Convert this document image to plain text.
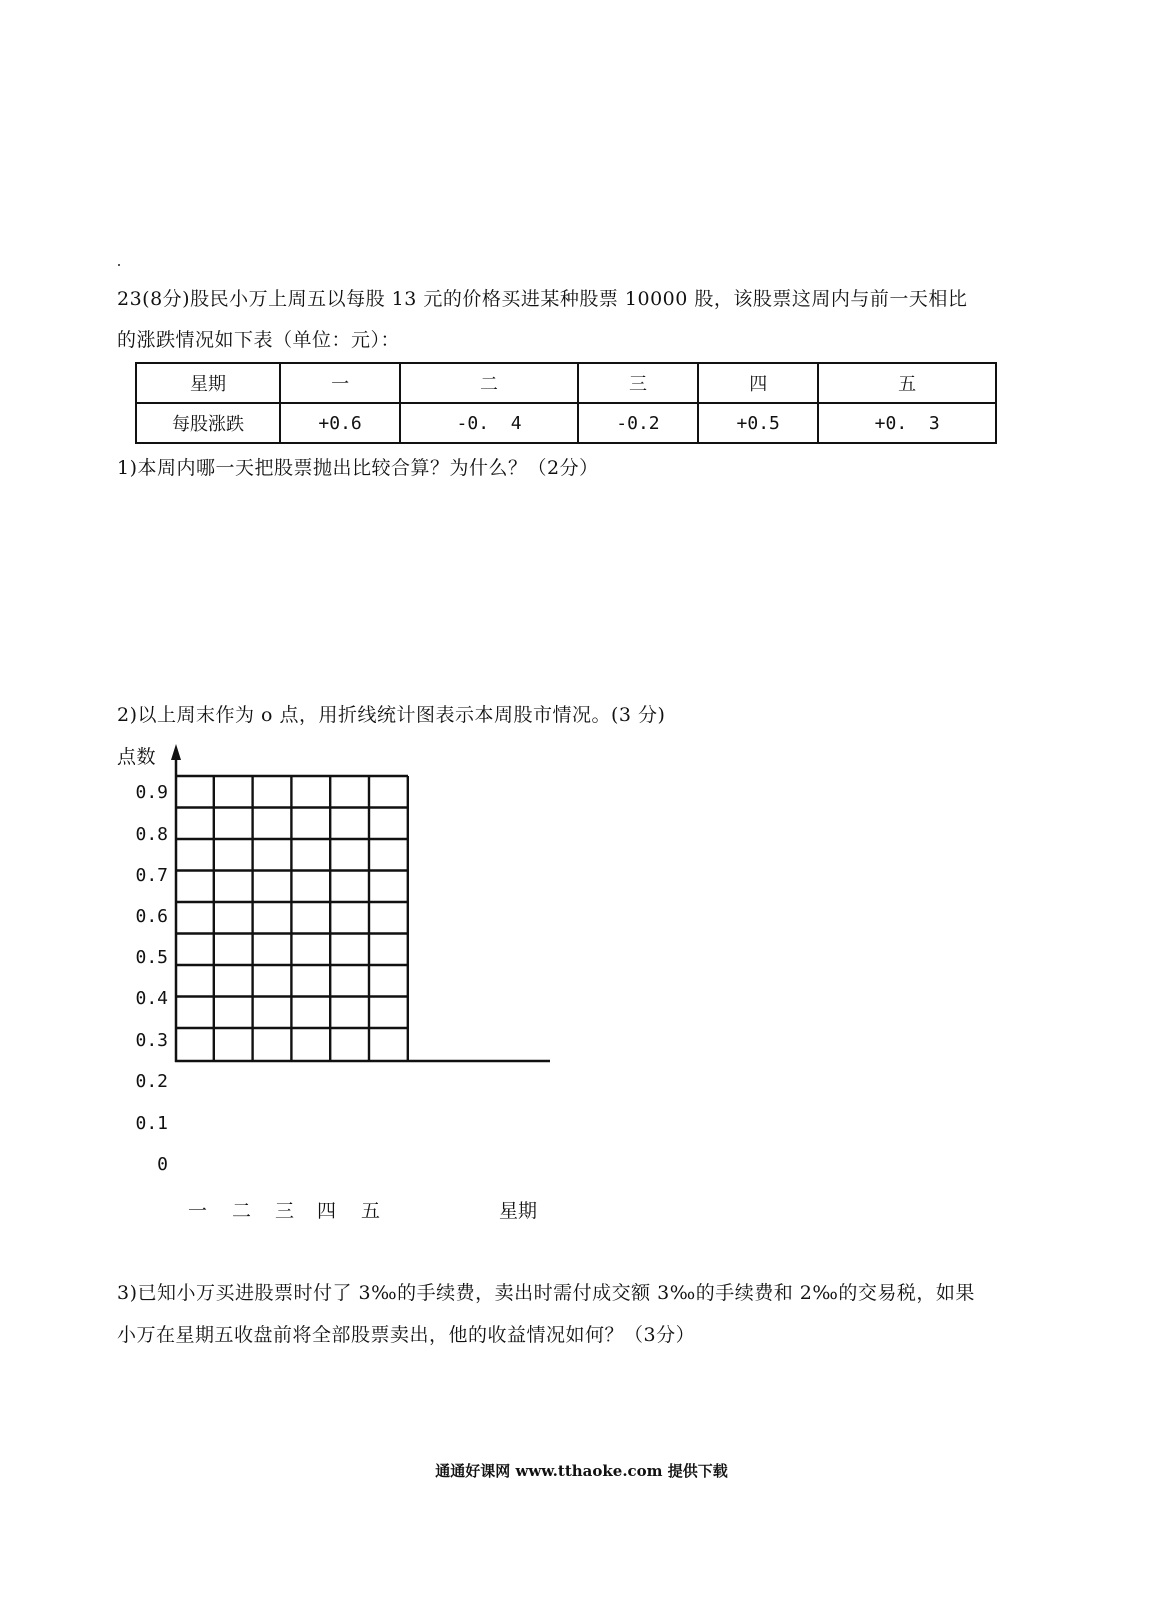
23(8分)股民小万上周五以每股 13 元的价格买进某种股票 10000 股，该股票这周内与前一天相比
的涨跌情况如下表（单位：元）：
星期	一	二	三	四	五
每股涨跌	+0.6	-0.  4	-0.2	+0.5	+0.  3
1)本周内哪一天把股票抛出比较合算？为什么？（2分）
2)以上周末作为 o 点，用折线统计图表示本周股市情况。(3 分)
点数
0.9
0.8
0.7
0.6
0.5
0.4
0.3
0.2
0.1
0
一 二 三 四 五	星期
3)已知小万买进股票时付了 3‰的手续费，卖出时需付成交额 3‰的手续费和 2‰的交易税，如果
小万在星期五收盘前将全部股票卖出，他的收益情况如何？（3分）
通通好课网 www.tthaoke.com 提供下载
